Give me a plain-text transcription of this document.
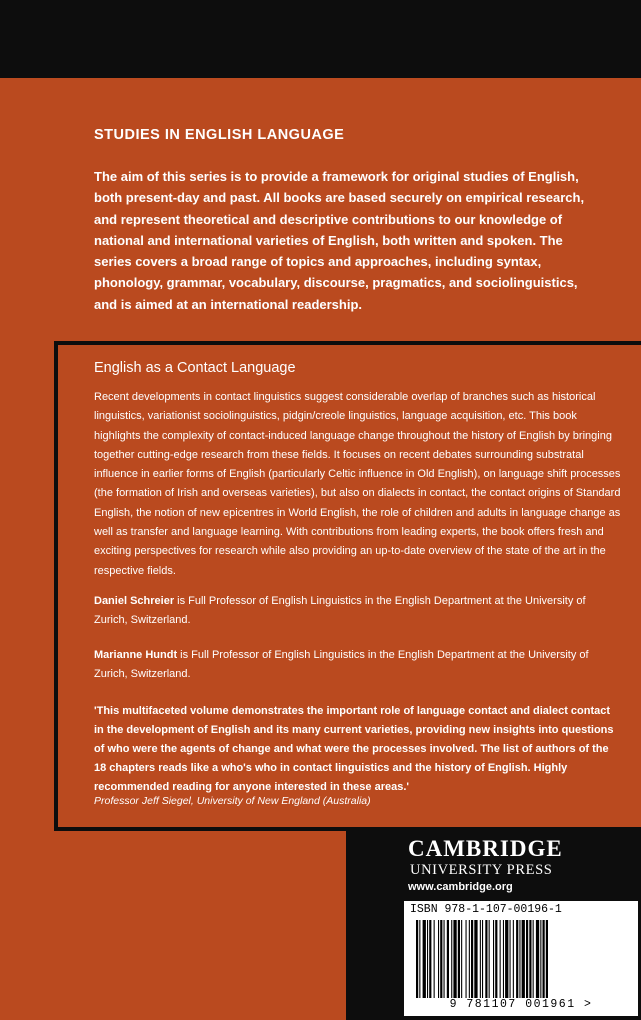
STUDIES IN ENGLISH LANGUAGE
The aim of this series is to provide a framework for original studies of English, both present-day and past. All books are based securely on empirical research, and represent theoretical and descriptive contributions to our knowledge of national and international varieties of English, both written and spoken. The series covers a broad range of topics and approaches, including syntax, phonology, grammar, vocabulary, discourse, pragmatics, and sociolinguistics, and is aimed at an international readership.
English as a Contact Language
Recent developments in contact linguistics suggest considerable overlap of branches such as historical linguistics, variationist sociolinguistics, pidgin/creole linguistics, language acquisition, etc. This book highlights the complexity of contact-induced language change throughout the history of English by bringing together cutting-edge research from these fields. It focuses on recent debates surrounding substratal influence in earlier forms of English (particularly Celtic influence in Old English), on language shift processes (the formation of Irish and overseas varieties), but also on dialects in contact, the contact origins of Standard English, the notion of new epicentres in World English, the role of children and adults in language change as well as transfer and language learning. With contributions from leading experts, the book offers fresh and exciting perspectives for research while also providing an up-to-date overview of the state of the art in the respective fields.
Daniel Schreier is Full Professor of English Linguistics in the English Department at the University of Zurich, Switzerland.
Marianne Hundt is Full Professor of English Linguistics in the English Department at the University of Zurich, Switzerland.
'This multifaceted volume demonstrates the important role of language contact and dialect contact in the development of English and its many current varieties, providing new insights into questions of who were the agents of change and what were the processes involved. The list of authors of the 18 chapters reads like a who's who in contact linguistics and the history of English. Highly recommended reading for anyone interested in these areas.'
Professor Jeff Siegel, University of New England (Australia)
CAMBRIDGE
UNIVERSITY PRESS
www.cambridge.org
ISBN 978-1-107-00196-1
9 781107 001961 >
